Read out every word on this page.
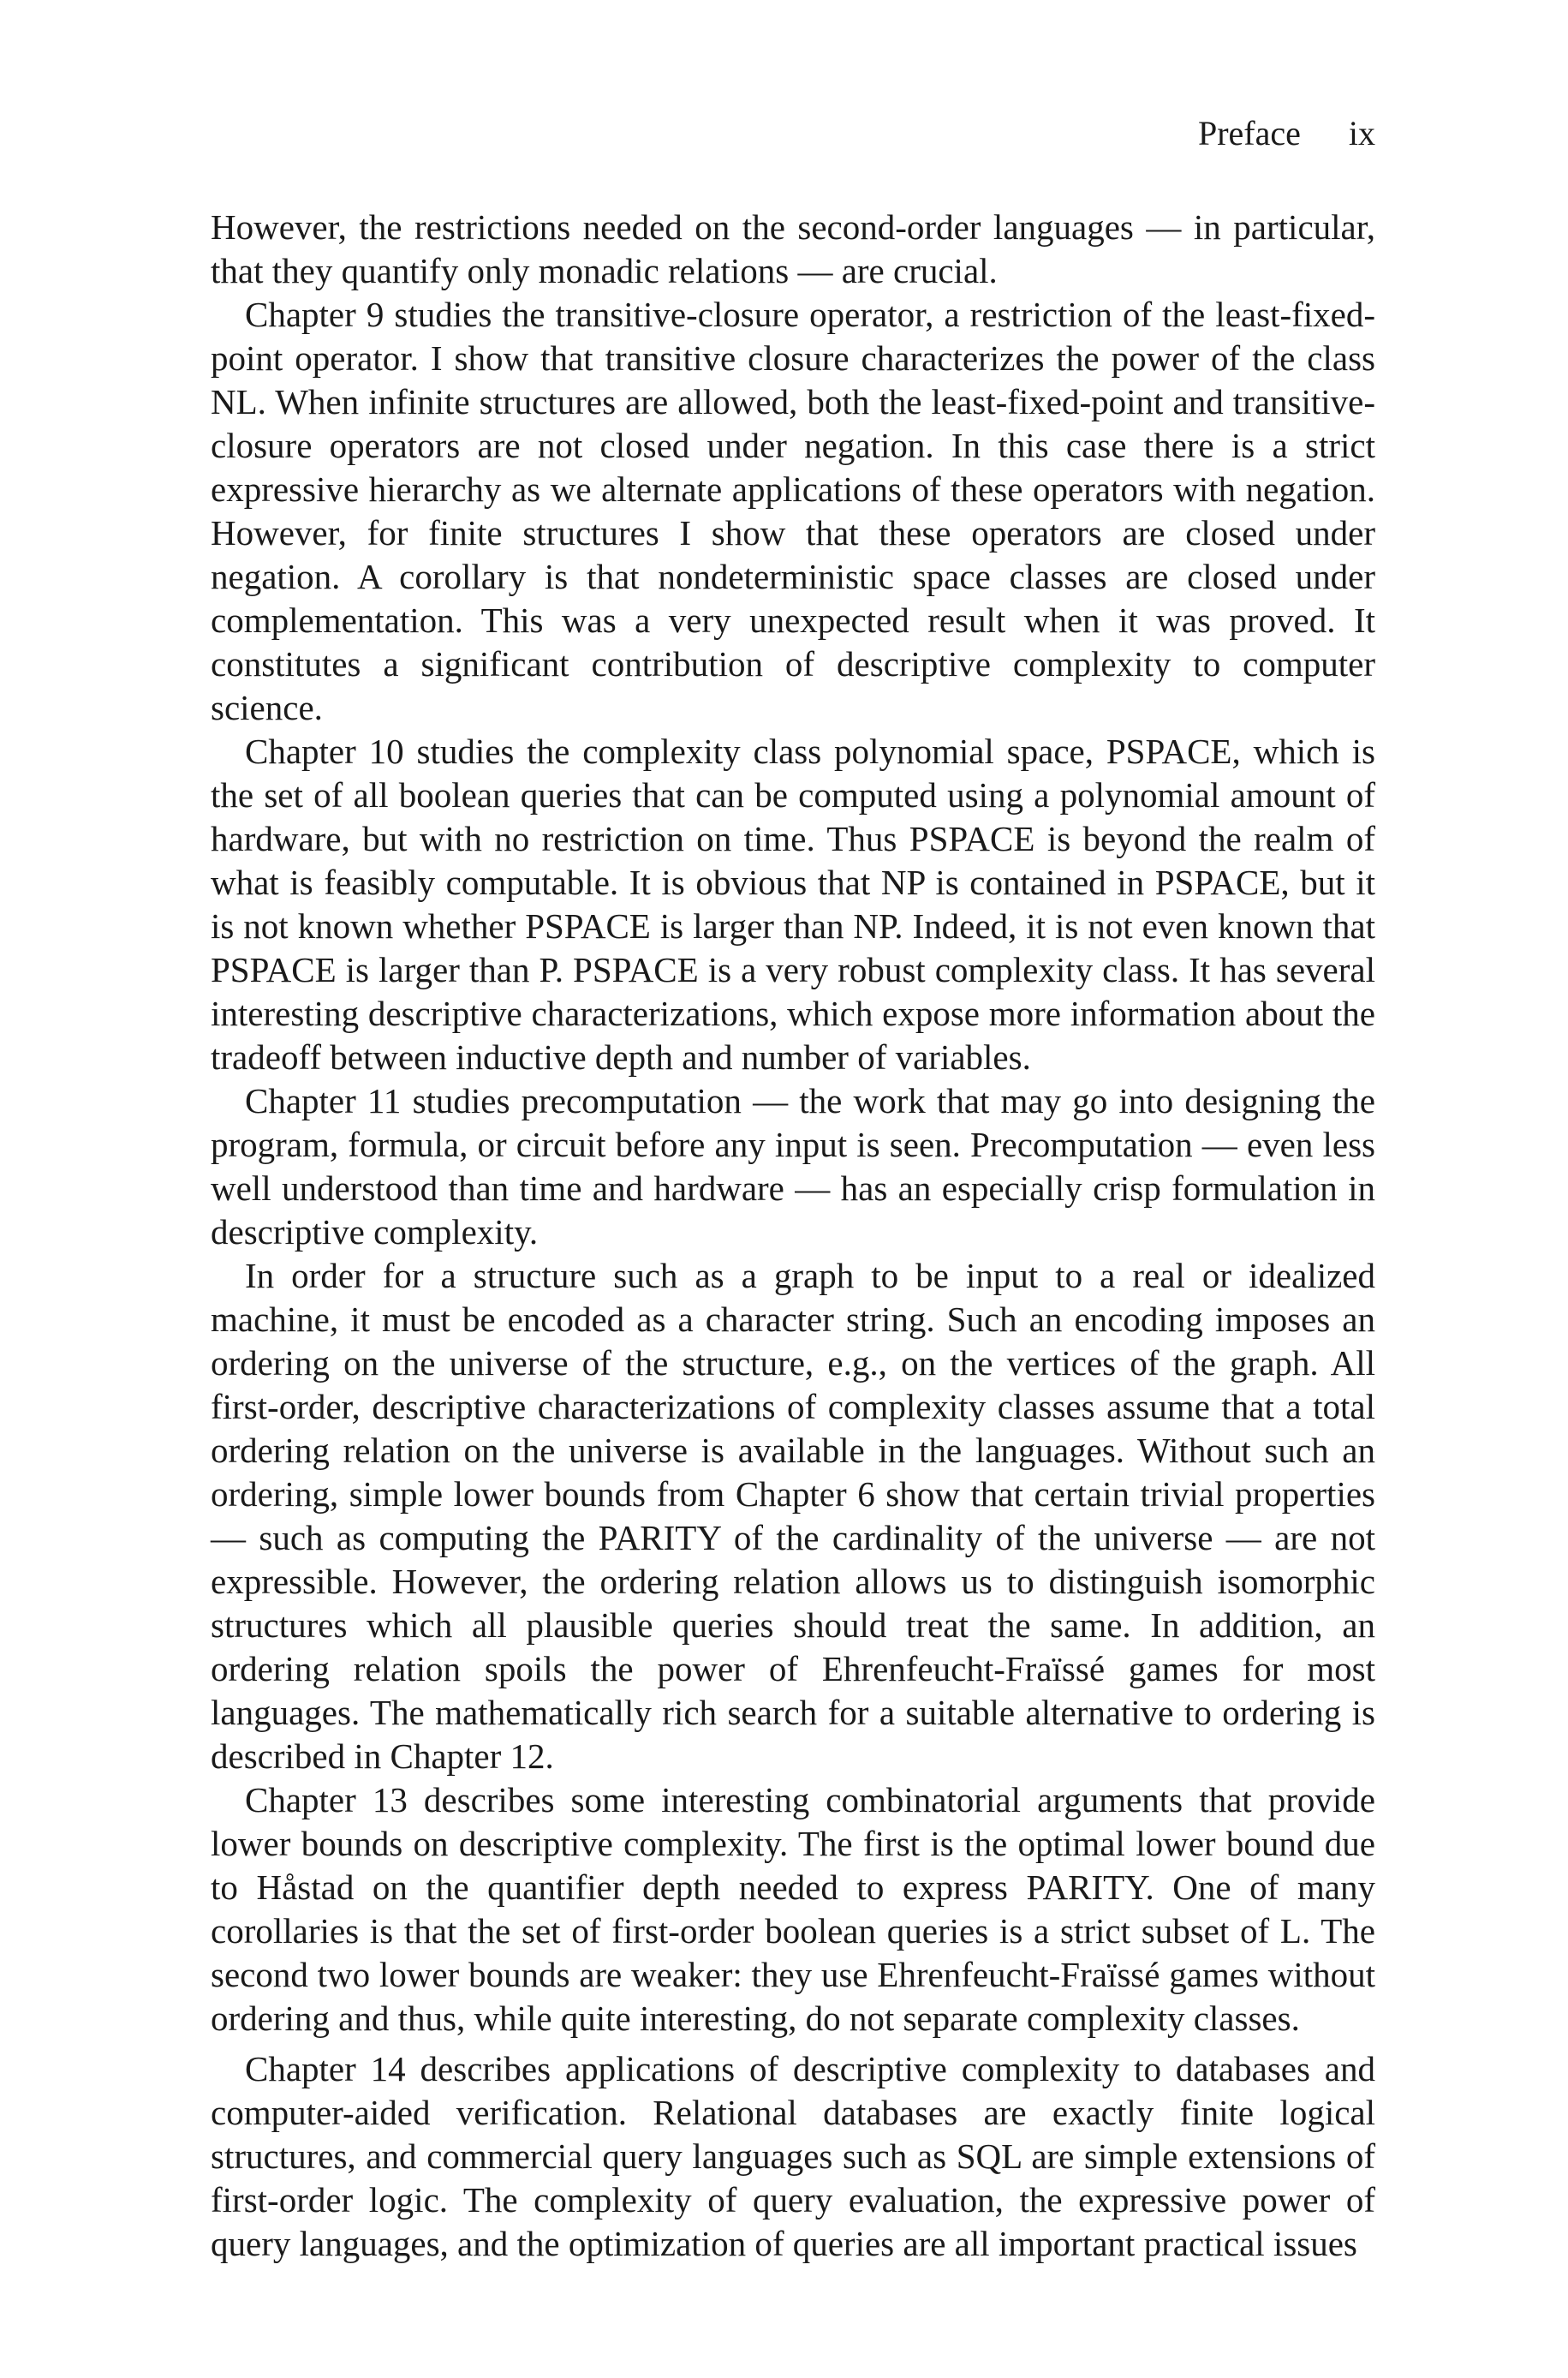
Preface ix

However, the restrictions needed on the second-order languages — in particular, that they quantify only monadic relations — are crucial.

Chapter 9 studies the transitive-closure operator, a restriction of the least-fixed-point operator. I show that transitive closure characterizes the power of the class NL. When infinite structures are allowed, both the least-fixed-point and transitive-closure operators are not closed under negation. In this case there is a strict expressive hierarchy as we alternate applications of these operators with negation. However, for finite structures I show that these operators are closed under negation. A corollary is that nondeterministic space classes are closed under complementation. This was a very unexpected result when it was proved. It constitutes a significant contribution of descriptive complexity to computer science.

Chapter 10 studies the complexity class polynomial space, PSPACE, which is the set of all boolean queries that can be computed using a polynomial amount of hardware, but with no restriction on time. Thus PSPACE is beyond the realm of what is feasibly computable. It is obvious that NP is contained in PSPACE, but it is not known whether PSPACE is larger than NP. Indeed, it is not even known that PSPACE is larger than P. PSPACE is a very robust complexity class. It has several interesting descriptive characterizations, which expose more information about the tradeoff between inductive depth and number of variables.

Chapter 11 studies precomputation — the work that may go into designing the program, formula, or circuit before any input is seen. Precomputation — even less well understood than time and hardware — has an especially crisp formulation in descriptive complexity.

In order for a structure such as a graph to be input to a real or idealized machine, it must be encoded as a character string. Such an encoding imposes an ordering on the universe of the structure, e.g., on the vertices of the graph. All first-order, descriptive characterizations of complexity classes assume that a total ordering relation on the universe is available in the languages. Without such an ordering, simple lower bounds from Chapter 6 show that certain trivial properties — such as computing the PARITY of the cardinality of the universe — are not expressible. However, the ordering relation allows us to distinguish isomorphic structures which all plausible queries should treat the same. In addition, an ordering relation spoils the power of Ehrenfeucht-Fraïssé games for most languages. The mathematically rich search for a suitable alternative to ordering is described in Chapter 12.

Chapter 13 describes some interesting combinatorial arguments that provide lower bounds on descriptive complexity. The first is the optimal lower bound due to Håstad on the quantifier depth needed to express PARITY. One of many corollaries is that the set of first-order boolean queries is a strict subset of L. The second two lower bounds are weaker: they use Ehrenfeucht-Fraïssé games without ordering and thus, while quite interesting, do not separate complexity classes.

Chapter 14 describes applications of descriptive complexity to databases and computer-aided verification. Relational databases are exactly finite logical structures, and commercial query languages such as SQL are simple extensions of first-order logic. The complexity of query evaluation, the expressive power of query languages, and the optimization of queries are all important practical issues
